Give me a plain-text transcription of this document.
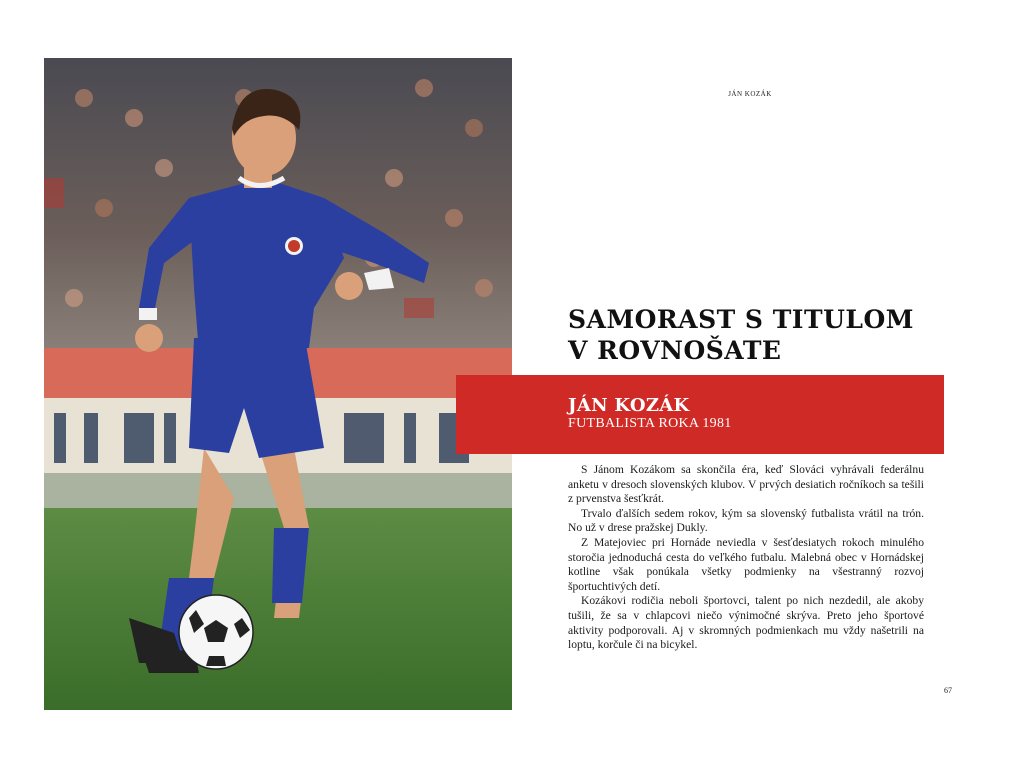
JÁN KOZÁK
SAMORAST S TITULOM
V ROVNOŠATE
JÁN KOZÁK
FUTBALISTA ROKA 1981

S Jánom Kozákom sa skončila éra, keď Slováci vyhrávali federálnu anketu v dresoch slovenských klubov. V prvých desiatich ročníkoch sa tešili z prvenstva šesťkrát.

Trvalo ďalších sedem rokov, kým sa slovenský futbalista vrátil na trón. No už v drese pražskej Dukly.

Z Matejoviec pri Hornáde neviedla v šesťdesiatych rokoch minulého storočia jednoduchá cesta do veľkého futbalu. Malebná obec v Hornádskej kotline však ponúkala všetky podmienky na všestranný rozvoj športuchtivých detí.

Kozákovi rodičia neboli športovci, talent po nich nezdedil, ale akoby tušili, že sa v chlapcovi niečo výnimočné skrýva. Preto jeho športové aktivity podporovali. Aj v skromných podmienkach mu vždy našetrili na loptu, korčule či na bicykel.

67
